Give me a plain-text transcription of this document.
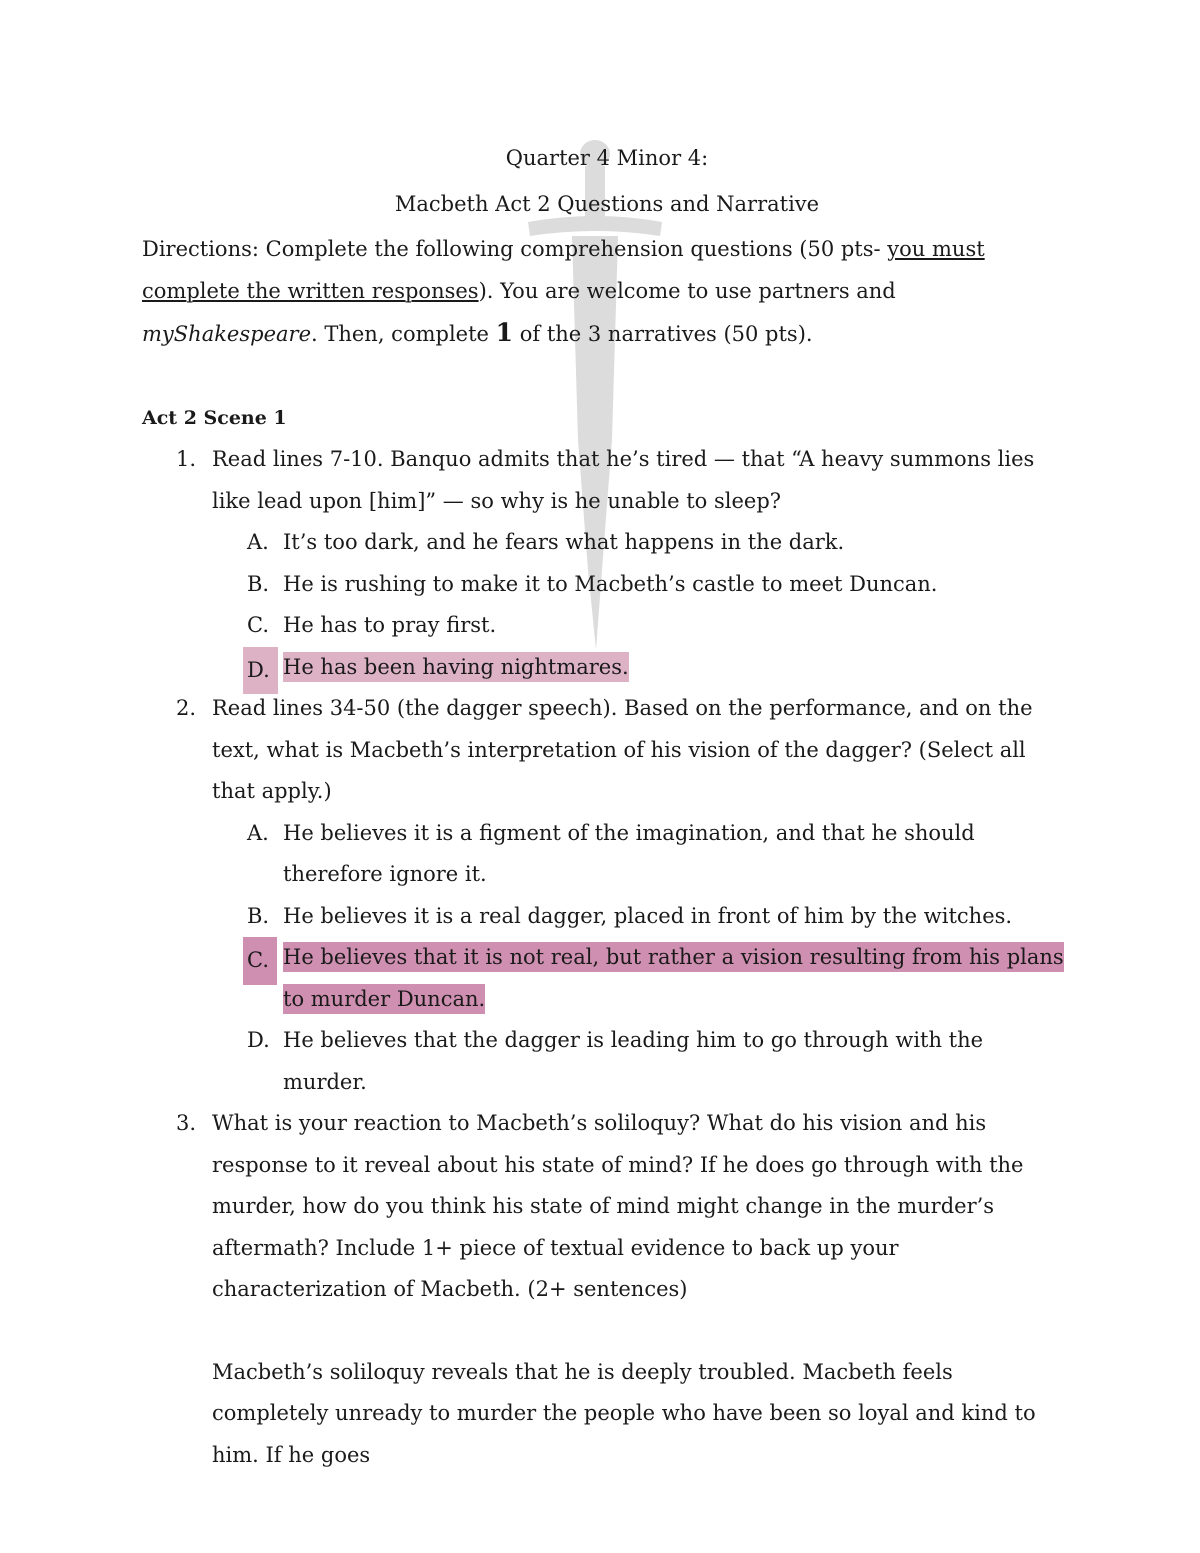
Quarter 4 Minor 4:
Macbeth Act 2 Questions and Narrative

Directions: Complete the following comprehension questions (50 pts- you must complete the written responses). You are welcome to use partners and myShakespeare. Then, complete 1 of the 3 narratives (50 pts).

Act 2 Scene 1
1. Read lines 7-10. Banquo admits that he’s tired — that “A heavy summons lies like lead upon [him]” — so why is he unable to sleep?
A. It’s too dark, and he fears what happens in the dark.
B. He is rushing to make it to Macbeth’s castle to meet Duncan.
C. He has to pray first.
D. He has been having nightmares.
2. Read lines 34-50 (the dagger speech). Based on the performance, and on the text, what is Macbeth’s interpretation of his vision of the dagger? (Select all that apply.)
A. He believes it is a figment of the imagination, and that he should therefore ignore it.
B. He believes it is a real dagger, placed in front of him by the witches.
C. He believes that it is not real, but rather a vision resulting from his plans to murder Duncan.
D. He believes that the dagger is leading him to go through with the murder.
3. What is your reaction to Macbeth’s soliloquy? What do his vision and his response to it reveal about his state of mind? If he does go through with the murder, how do you think his state of mind might change in the murder’s aftermath? Include 1+ piece of textual evidence to back up your characterization of Macbeth. (2+ sentences)
Macbeth’s soliloquy reveals that he is deeply troubled. Macbeth feels completely unready to murder the people who have been so loyal and kind to him. If he goes
